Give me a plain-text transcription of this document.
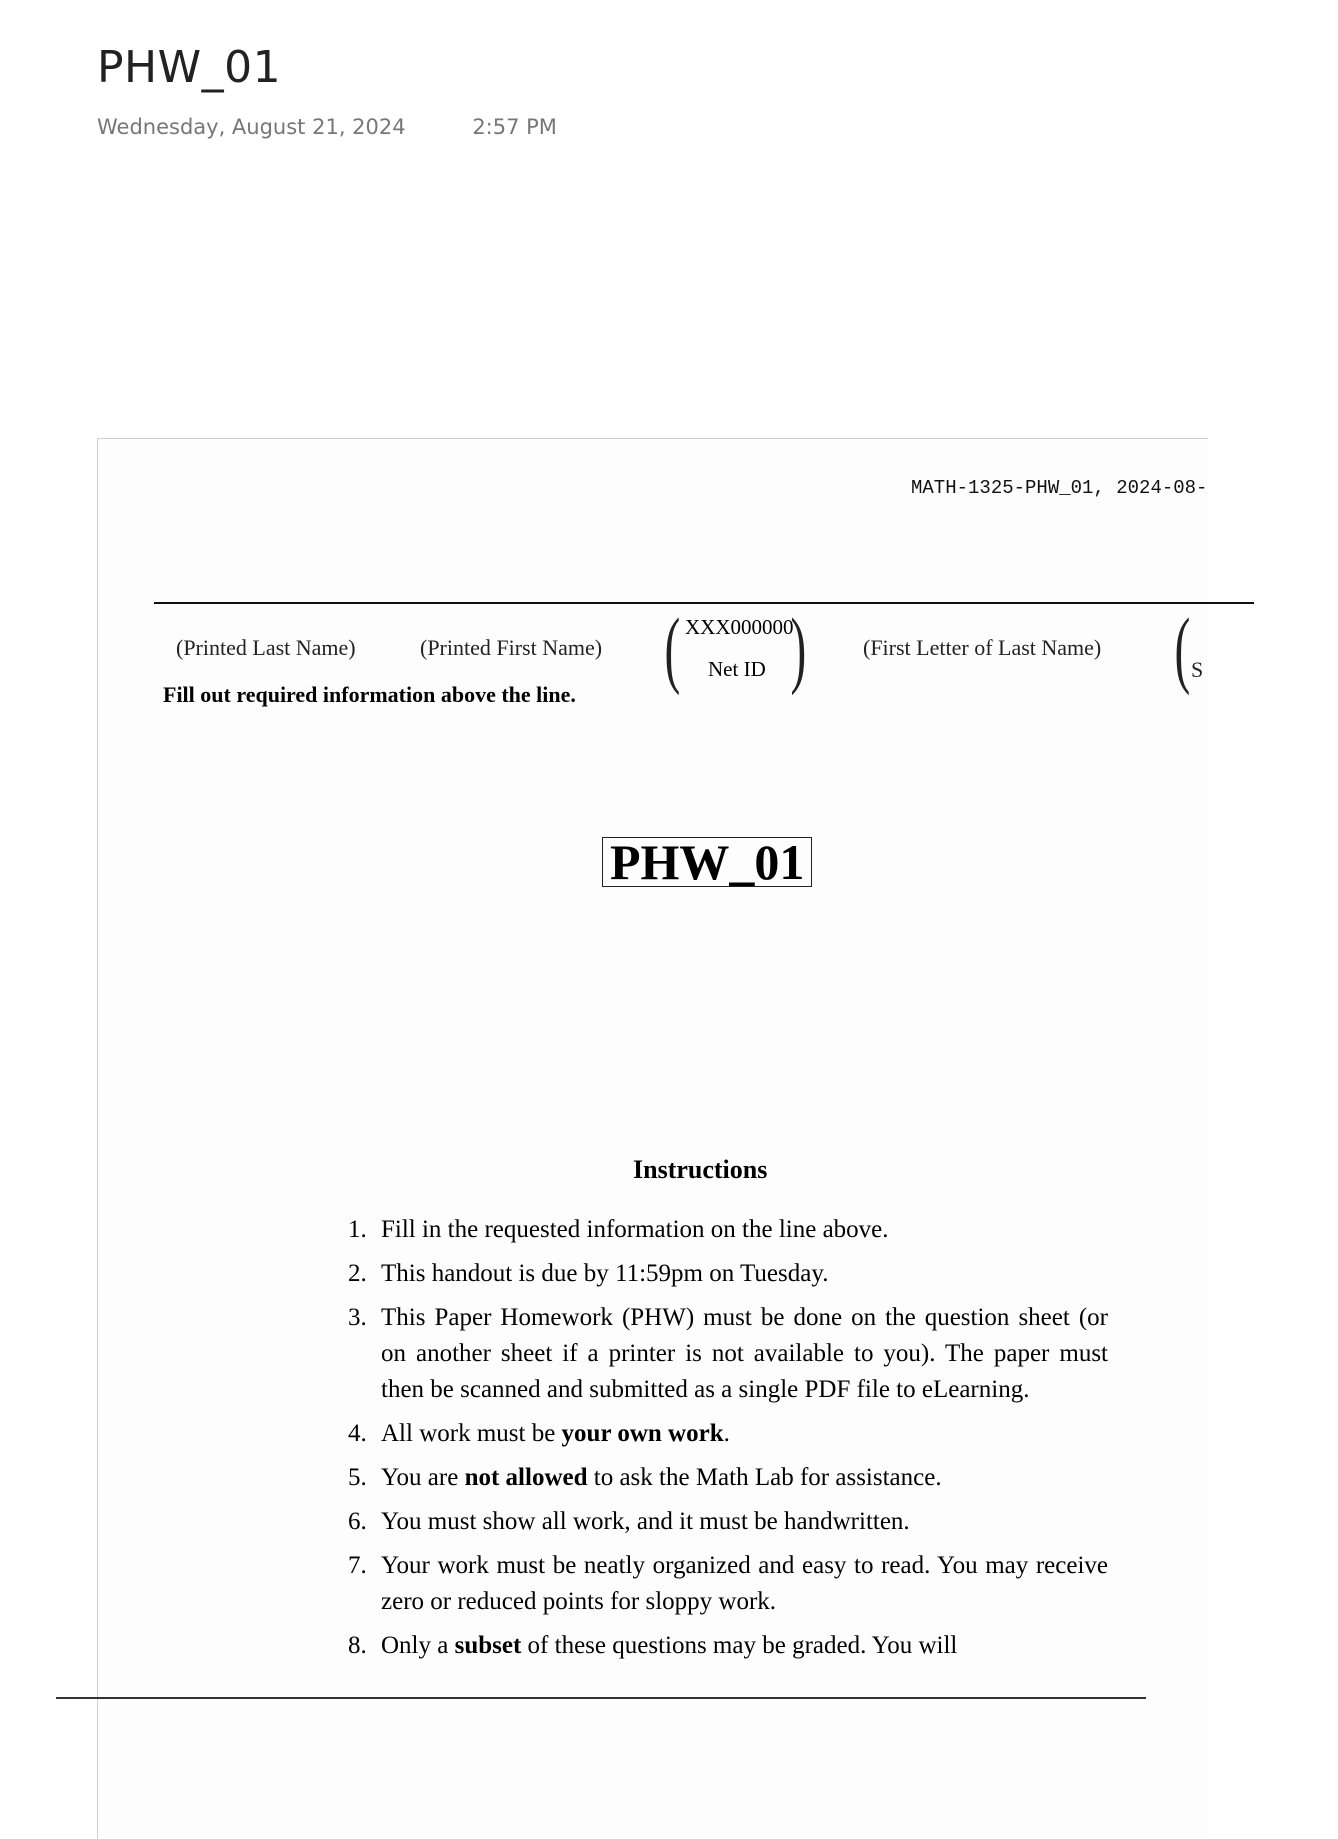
PHW_01
Wednesday, August 21, 2024	2:57 PM
MATH-1325-PHW_01, 2024-08-
(Printed Last Name)	(Printed First Name) ( XXX000000
Net ID )	(First Letter of Last Name) ( S
Fill out required information above the line.
PHW_01
Instructions
1. Fill in the requested information on the line above.
2. This handout is due by 11:59pm on Tuesday.
3. This Paper Homework (PHW) must be done on the question sheet (or on another sheet if a printer is not available to you). The paper must then be scanned and submitted as a single PDF file to eLearning.
4. All work must be your own work.
5. You are not allowed to ask the Math Lab for assistance.
6. You must show all work, and it must be handwritten.
7. Your work must be neatly organized and easy to read. You may receive zero or reduced points for sloppy work.
8. Only a subset of these questions may be graded. You will
